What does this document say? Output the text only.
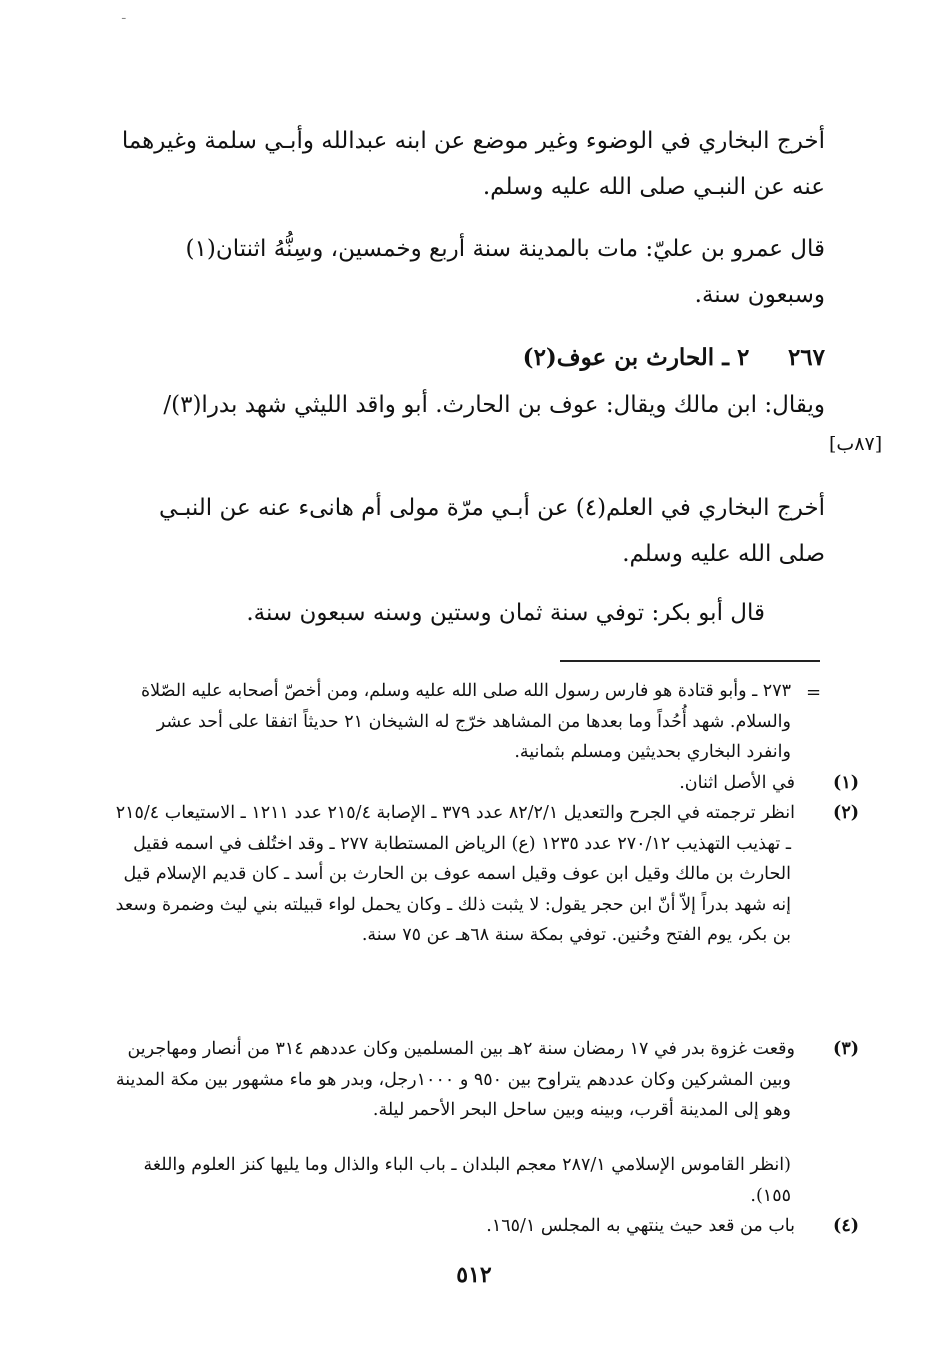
ـ
أخرج البخاري في الوضوء وغير موضع عن ابنه عبدالله وأبـي سلمة وغيرهما عنه عن النبـي صلى الله عليه وسلم.
قال عمرو بن عليّ: مات بالمدينة سنة أربع وخمسين، وسِنُّهُ اثنتان(١) وسبعون سنة.
٢٦٧  ٢ ـ الحارث بن عوف(٢)
ويقال: ابن مالك ويقال: عوف بن الحارث. أبو واقد الليثي شهد بدرا(٣)/
[٨٧ب]
أخرج البخاري في العلم(٤) عن أبـي مرّة مولى أم هانىء عنه عن النبـي صلى الله عليه وسلم.
قال أبو بكر: توفي سنة ثمان وستين وسنه سبعون سنة.
=
٢٧٣ ـ وأبو قتادة هو فارس رسول الله صلى الله عليه وسلم، ومن أخصّ أصحابه عليه الصّلاة والسلام. شهد أُحُداً وما بعدها من المشاهد خرّج له الشيخان ٢١ حديثاً اتفقا على أحد عشر وانفرد البخاري بحديثين ومسلم بثمانية.
(١)في الأصل اثنان.
(٢)انظر ترجمته في الجرح والتعديل ٨٢/٢/١ عدد ٣٧٩ ـ الإصابة ٢١٥/٤ عدد ١٢١١ ـ الاستيعاب ٢١٥/٤ ـ تهذيب التهذيب ٢٧٠/١٢ عدد ١٢٣٥ (ع) الرياض المستطابة ٢٧٧ ـ وقد اختُلف في اسمه فقيل الحارث بن مالك وقيل ابن عوف وقيل اسمه عوف بن الحارث بن أسد ـ كان قديم الإسلام قيل إنه شهد بدراً إلاّ أنّ ابن حجر يقول: لا يثبت ذلك ـ وكان يحمل لواء قبيلته بني ليث وضمرة وسعد بن بكر، يوم الفتح وحُنين. توفي بمكة سنة ٦٨هـ عن ٧٥ سنة.
(٣)وقعت غزوة بدر في ١٧ رمضان سنة ٢هـ بين المسلمين وكان عددهم ٣١٤ من أنصار ومهاجرين وبين المشركين وكان عددهم يتراوح بين ٩٥٠ و ١٠٠٠رجل، وبدر هو ماء مشهور بين مكة المدينة وهو إلى المدينة أقرب، وبينه وبين ساحل البحر الأحمر ليلة.
(انظر القاموس الإسلامي ٢٨٧/١ معجم البلدان ـ باب الباء والذال وما يليها كنز العلوم واللغة ١٥٥).
(٤)باب من قعد حيث ينتهي به المجلس ١٦٥/١.
٥١٢
